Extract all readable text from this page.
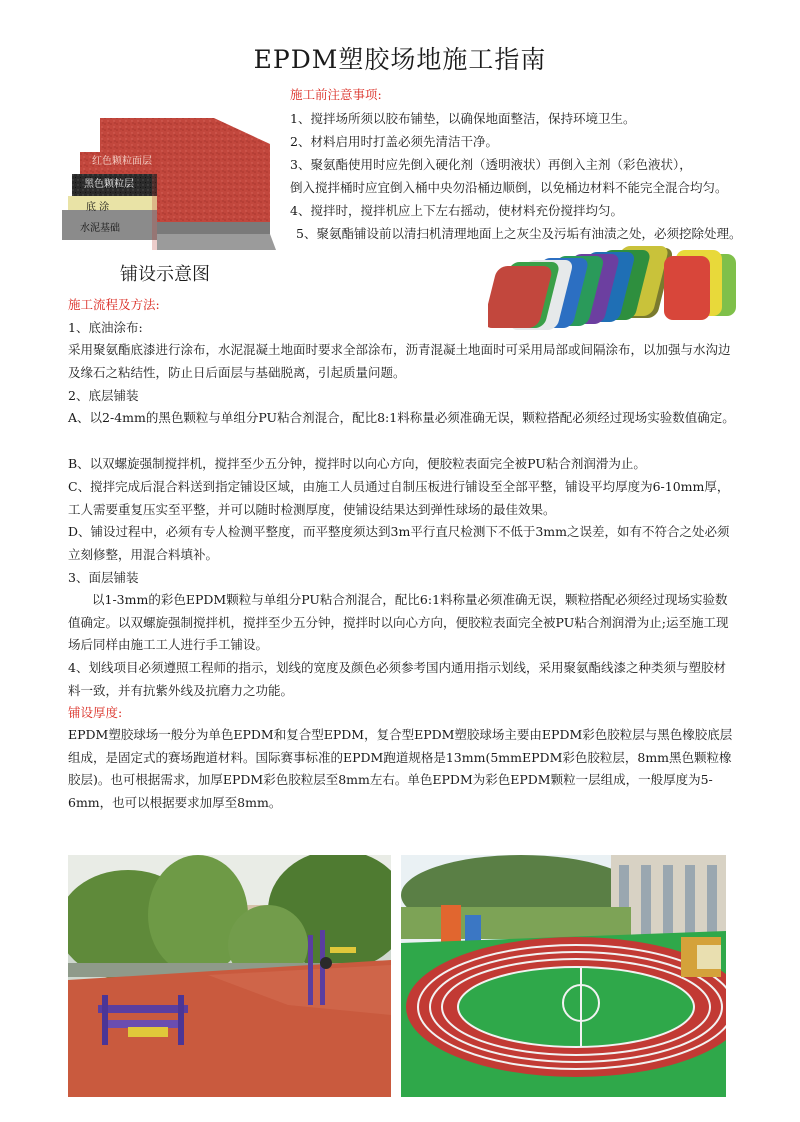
EPDM塑胶场地施工指南
红色颗粒面层
黑色颗粒层
底 涂
水泥基础
铺设示意图
施工前注意事项:
1、搅拌场所须以胶布铺垫，以确保地面整洁，保持环境卫生。
2、材料启用时打盖必须先清洁干净。
3、聚氨酯使用时应先倒入硬化剂（透明液状）再倒入主剂（彩色液状），
倒入搅拌桶时应宜倒入桶中央勿沿桶边顺倒，以免桶边材料不能完全混合均匀。
4、搅拌时，搅拌机应上下左右摇动，使材料充份搅拌均匀。
5、聚氨酯铺设前以清扫机清理地面上之灰尘及污垢有油渍之处，必须挖除处理。
施工流程及方法:
1、底油涂布:
采用聚氨酯底漆进行涂布，水泥混凝土地面时要求全部涂布，沥青混凝土地面时可采用局部或间隔涂布，以加强与水沟边及缘石之粘结性，防止日后面层与基础脱离，引起质量问题。
2、底层铺装
A、以2-4mm的黑色颗粒与单组分PU粘合剂混合，配比8:1料称量必须准确无误，颗粒搭配必须经过现场实验数值确定。
B、以双螺旋强制搅拌机，搅拌至少五分钟，搅拌时以向心方向，便胶粒表面完全被PU粘合剂润滑为止。
C、搅拌完成后混合料送到指定铺设区域，由施工人员通过自制压板进行铺设至全部平整，铺设平均厚度为6-10mm厚，工人需要重复压实至平整，并可以随时检测厚度，使铺设结果达到弹性球场的最佳效果。
D、铺设过程中，必须有专人检测平整度，而平整度须达到3m平行直尺检测下不低于3mm之误差，如有不符合之处必须立刻修整，用混合料填补。
3、面层铺装
以1-3mm的彩色EPDM颗粒与单组分PU粘合剂混合，配比6:1料称量必须准确无误，颗粒搭配必须经过现场实验数值确定。以双螺旋强制搅拌机，搅拌至少五分钟，搅拌时以向心方向，便胶粒表面完全被PU粘合剂润滑为止;运至施工现场后同样由施工工人进行手工铺设。
4、划线项目必须遵照工程师的指示，划线的宽度及颜色必须参考国内通用指示划线，采用聚氨酯线漆之种类须与塑胶材料一致，并有抗紫外线及抗磨力之功能。
铺设厚度:
EPDM塑胶球场一般分为单色EPDM和复合型EPDM，复合型EPDM塑胶球场主要由EPDM彩色胶粒层与黑色橡胶底层组成，是固定式的赛场跑道材料。国际赛事标准的EPDM跑道规格是13mm(5mmEPDM彩色胶粒层，8mm黑色颗粒橡胶层)。也可根据需求，加厚EPDM彩色胶粒层至8mm左右。单色EPDM为彩色EPDM颗粒一层组成，一般厚度为5-6mm，也可以根据要求加厚至8mm。
